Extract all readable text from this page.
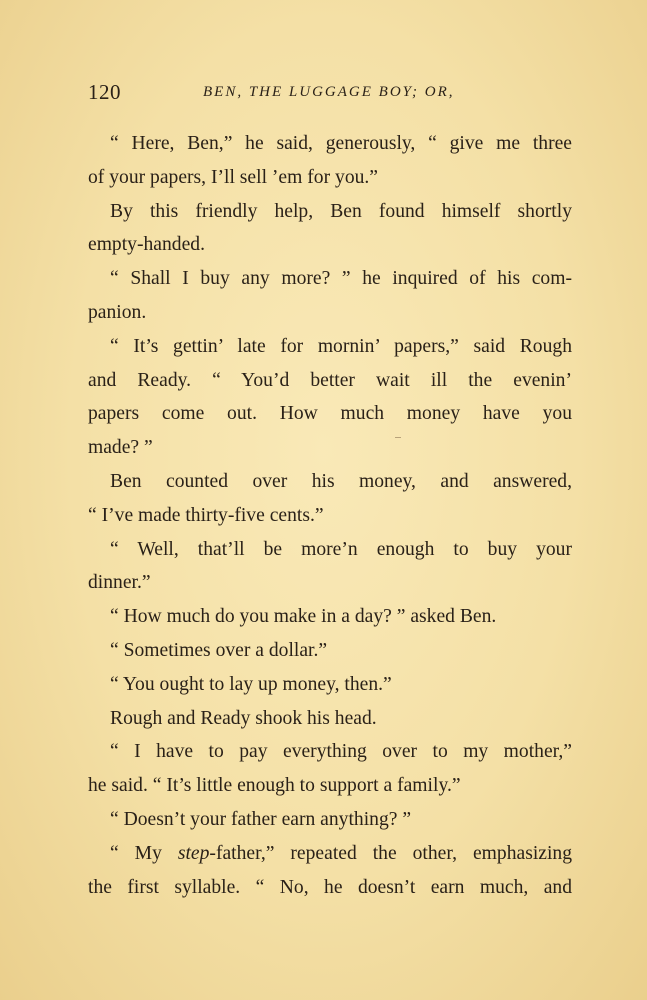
120	BEN, THE LUGGAGE BOY; OR,
“ Here, Ben,” he said, generously, “ give me three
of your papers, I’ll sell ’em for you.”
By this friendly help, Ben found himself shortly
empty-handed.
“ Shall I buy any more? ” he inquired of his com-
panion.
“ It’s gettin’ late for mornin’ papers,” said Rough
and Ready. “ You’d better wait ill the evenin’
papers come out. How much money have you
made? ”
Ben counted over his money, and answered,
“ I’ve made thirty-five cents.”
“ Well, that’ll be more’n enough to buy your
dinner.”
“ How much do you make in a day? ” asked Ben.
“ Sometimes over a dollar.”
“ You ought to lay up money, then.”
Rough and Ready shook his head.
“ I have to pay everything over to my mother,”
he said. “ It’s little enough to support a family.”
“ Doesn’t your father earn anything? ”
“ My step-father,” repeated the other, emphasizing
the first syllable. “ No, he doesn’t earn much, and
